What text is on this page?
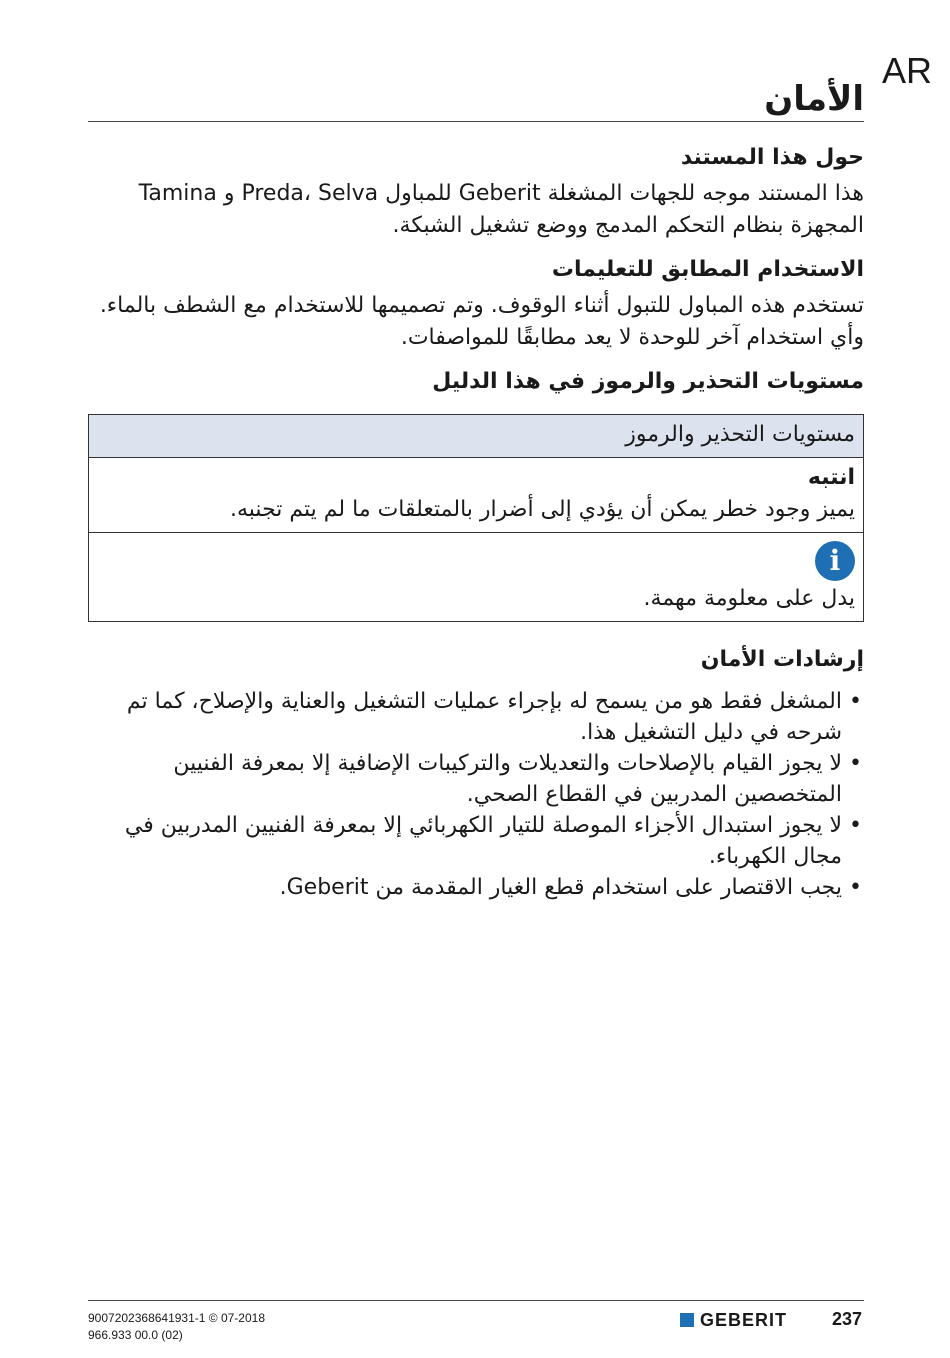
AR
الأمان
حول هذا المستند

هذا المستند موجه للجهات المشغلة Geberit للمباول Preda، Selva و Tamina المجهزة بنظام التحكم المدمج ووضع تشغيل الشبكة.

الاستخدام المطابق للتعليمات

تستخدم هذه المباول للتبول أثناء الوقوف. وتم تصميمها للاستخدام مع الشطف بالماء. وأي استخدام آخر للوحدة لا يعد مطابقًا للمواصفات.

مستويات التحذير والرموز في هذا الدليل
مستويات التحذير والرموز

انتبه
يميز وجود خطر يمكن أن يؤدي إلى أضرار بالمتعلقات ما لم يتم تجنبه.

i
يدل على معلومة مهمة.
إرشادات الأمان
• المشغل فقط هو من يسمح له بإجراء عمليات التشغيل والعناية والإصلاح، كما تم شرحه في دليل التشغيل هذا.
• لا يجوز القيام بالإصلاحات والتعديلات والتركيبات الإضافية إلا بمعرفة الفنيين المتخصصين المدربين في القطاع الصحي.
• لا يجوز استبدال الأجزاء الموصلة للتيار الكهربائي إلا بمعرفة الفنيين المدربين في مجال الكهرباء.
• يجب الاقتصار على استخدام قطع الغيار المقدمة من Geberit.
9007202368641931-1 © 07-2018
966.933 00.0 (02)
GEBERIT 237
